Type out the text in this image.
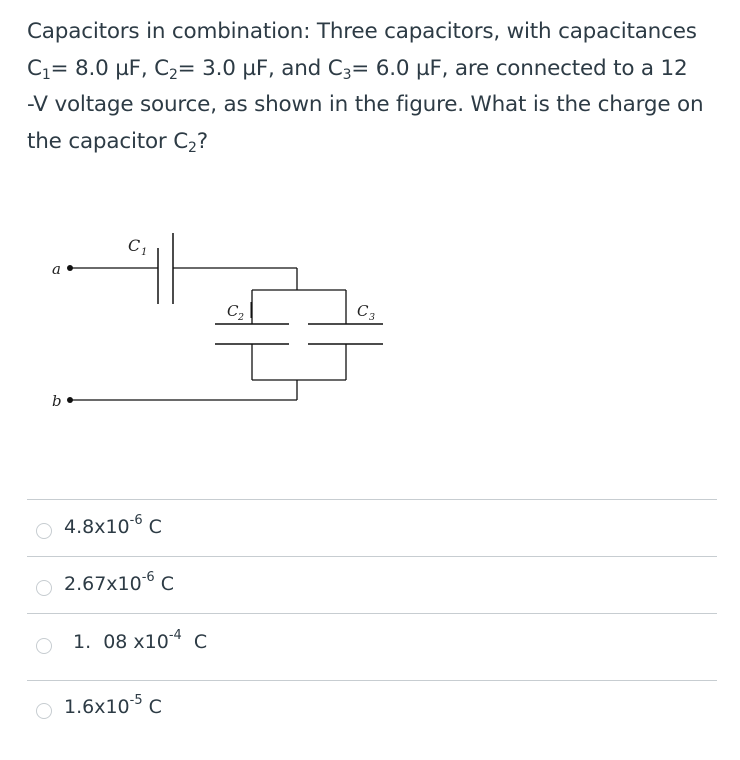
Capacitors in combination: Three capacitors, with capacitances
$C_1= 8.0$ µF, $C_2= 3.0$ µF, and $C_3= 6.0$ µF, are connected to a 12
-V voltage source, as shown in the figure. What is the charge on
the capacitor $C_2$?
a
C 1
C 2	C 3
b
$4.8x10^{-6}$ C
$2.67x10^{-6}$ C
1.  08 $x10^{-4}$  C
$1.6x10^{-5}$ C
